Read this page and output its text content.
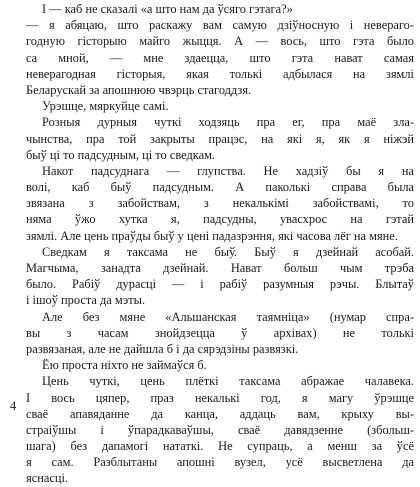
І — каб не сказалі «а што нам да ўсяго гэтага?»
— я абяцаю, што раскажу вам самую дзіўносную і невераго-
годную гісторыю майго жыцця. А — вось, што гэта было
са мной, — мне здаецца, што гэта нават самая
неверагодная гісторыя, якая толькі адбылася на зямлі
Беларускай за апошнюю чвэрць стагоддзя.
Урэшце, мяркуйце самі.
Розныя дурныя чуткі ходзяць пра ег, пра маё зла-
чынства, пра той закрыты працэс, на які я, як я ніжэй
быў ці то падсудным, ці то сведкам.
Накот падсуднага — глупства. Не хадзіў бы я на
волі, каб быў падсудным. А паколькі справа была
звязана з забойствам, з некалькімі забойствамі, то
няма ўжо хутка я, падсудны, увасхрос на гэтай
зямлі. Але цень праўды быў у цені падазрэння, які часова лёг на мяне.
Сведкам я таксама не быў. Быў я дзейнай асобай.
Магчыма, занадта дзейнай. Нават больш чым трэба
было. Рабіў дурасці — і рабіў разумныя рэчы. Блытаў
і ішоў проста да мэты.
Але без мяне «Альшанская таямніца» (нумар спра-
вы з часам знойдзецца ў архівах) не толькі
развязаная, але не дайшла б і да сярэдзіны развязкі.
Ёю проста ніхто не займаўся б.
Цень чуткі, цень плёткі таксама абражае чалавека.
І вось цяпер, праз некалькі год, я магу ўрэшце
сваё апавяданне да канца, аддаць вам, крыху вы-
страіўшы і ўпарадкаваўшы, сваё давядзенне (збольш-
шага) без дапамогі нататкі. Не супраць, а менш за ўсё
я сам. Разблытаны апошні вузел, усё высветлена да
яснасці.
4
